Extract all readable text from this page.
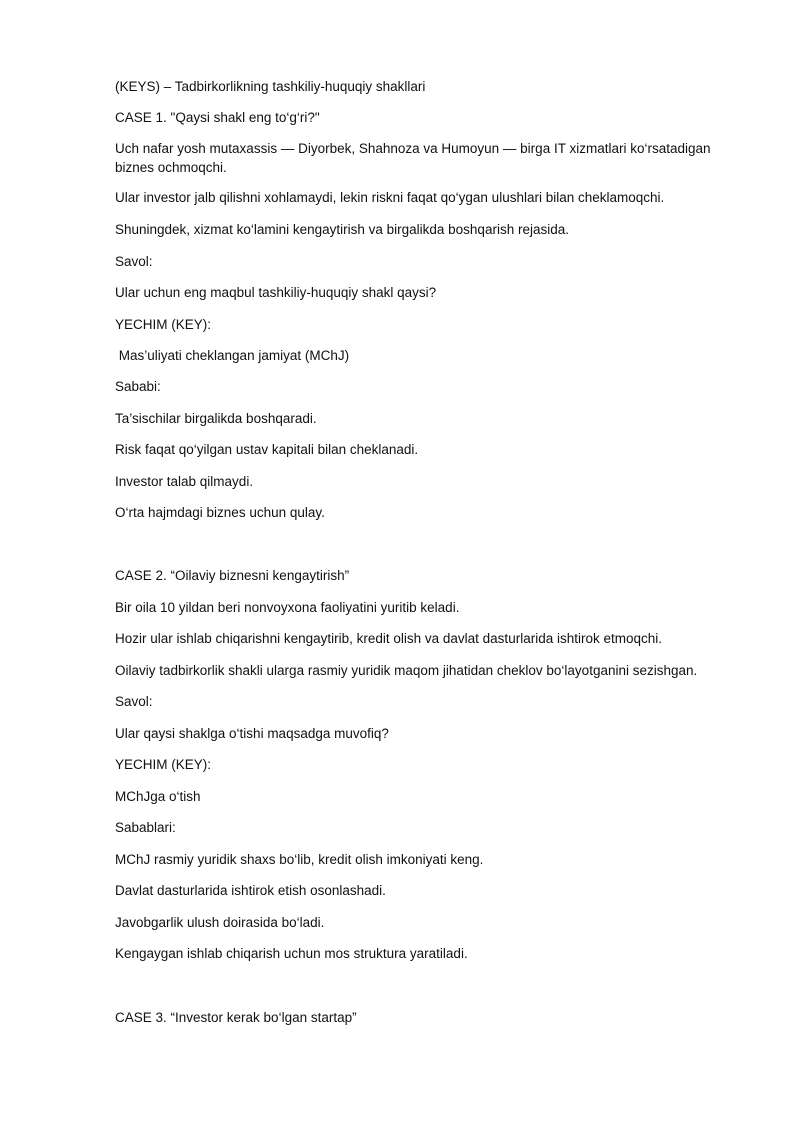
(KEYS) – Tadbirkorlikning tashkiliy-huquqiy shakllari
CASE 1. "Qaysi shakl eng to‘g‘ri?"
Uch nafar yosh mutaxassis — Diyorbek, Shahnoza va Humoyun — birga IT xizmatlari ko‘rsatadigan biznes ochmoqchi.
Ular investor jalb qilishni xohlamaydi, lekin riskni faqat qo‘ygan ulushlari bilan cheklamoqchi.
Shuningdek, xizmat ko‘lamini kengaytirish va birgalikda boshqarish rejasida.
Savol:
Ular uchun eng maqbul tashkiliy-huquqiy shakl qaysi?
YECHIM (KEY):
Mas’uliyati cheklangan jamiyat (MChJ)
Sababi:
Ta’sischilar birgalikda boshqaradi.
Risk faqat qo‘yilgan ustav kapitali bilan cheklanadi.
Investor talab qilmaydi.
O‘rta hajmdagi biznes uchun qulay.
CASE 2. “Oilaviy biznesni kengaytirish”
Bir oila 10 yildan beri nonvoyxona faoliyatini yuritib keladi.
Hozir ular ishlab chiqarishni kengaytirib, kredit olish va davlat dasturlarida ishtirok etmoqchi.
Oilaviy tadbirkorlik shakli ularga rasmiy yuridik maqom jihatidan cheklov bo‘layotganini sezishgan.
Savol:
Ular qaysi shaklga o‘tishi maqsadga muvofiq?
YECHIM (KEY):
MChJga o‘tish
Sabablari:
MChJ rasmiy yuridik shaxs bo‘lib, kredit olish imkoniyati keng.
Davlat dasturlarida ishtirok etish osonlashadi.
Javobgarlik ulush doirasida bo‘ladi.
Kengaygan ishlab chiqarish uchun mos struktura yaratiladi.
CASE 3. “Investor kerak bo‘lgan startap”
